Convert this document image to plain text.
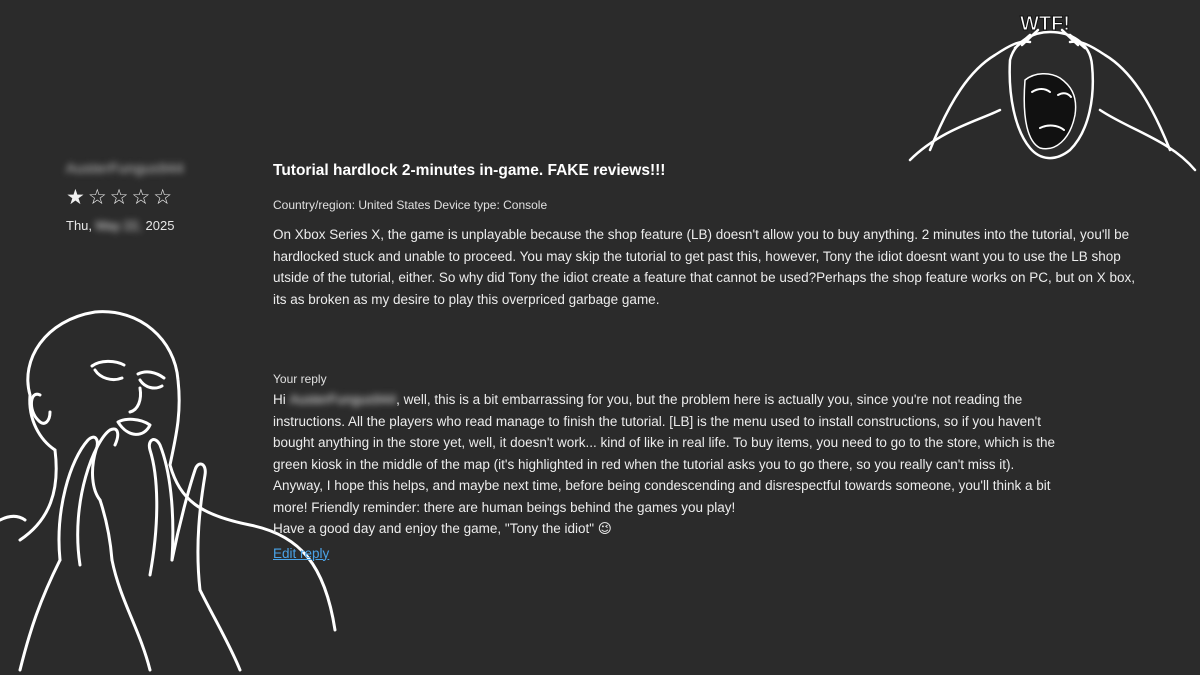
WTF!
AusterFungus944
★☆☆☆☆
Thu, May 22, 2025
Tutorial hardlock 2-minutes in-game. FAKE reviews!!!
Country/region: United States Device type: Console

On Xbox Series X, the game is unplayable because the shop feature (LB) doesn't allow you to buy anything. 2 minutes into the tutorial, you'll be hardlocked stuck and unable to proceed. You may skip the tutorial to get past this, however, Tony the idiot doesnt want you to use the LB shop utside of the tutorial, either. So why did Tony the idiot create a feature that cannot be used?Perhaps the shop feature works on PC, but on X box, its as broken as my desire to play this overpriced garbage game.

Your reply
Hi AusterFungus944, well, this is a bit embarrassing for you, but the problem here is actually you, since you're not reading the
instructions. All the players who read manage to finish the tutorial. [LB] is the menu used to install constructions, so if you haven't
bought anything in the store yet, well, it doesn't work... kind of like in real life. To buy items, you need to go to the store, which is the
green kiosk in the middle of the map (it's highlighted in red when the tutorial asks you to go there, so you really can't miss it).
Anyway, I hope this helps, and maybe next time, before being condescending and disrespectful towards someone, you'll think a bit
more! Friendly reminder: there are human beings behind the games you play!
Have a good day and enjoy the game, "Tony the idiot" 😉
Edit reply
